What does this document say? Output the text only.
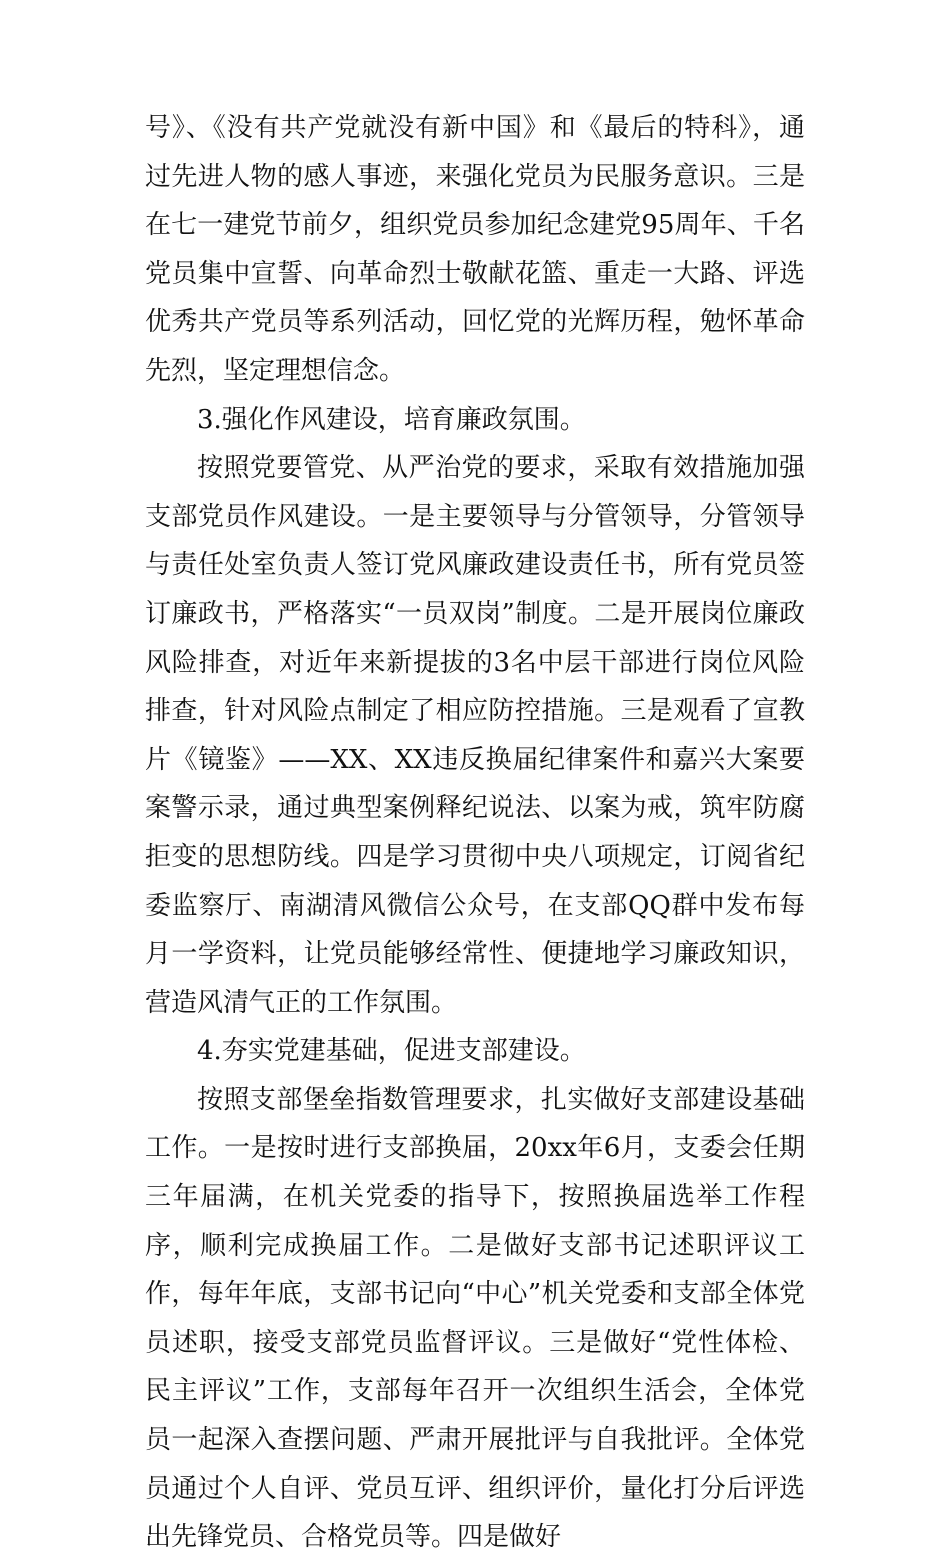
号》、《没有共产党就没有新中国》和《最后的特科》，通过先进人物的感人事迹，来强化党员为民服务意识。三是在七一建党节前夕，组织党员参加纪念建党95周年、千名党员集中宣誓、向革命烈士敬献花篮、重走一大路、评选优秀共产党员等系列活动，回忆党的光辉历程，勉怀革命先烈，坚定理想信念。

3.强化作风建设，培育廉政氛围。

按照党要管党、从严治党的要求，采取有效措施加强支部党员作风建设。一是主要领导与分管领导，分管领导与责任处室负责人签订党风廉政建设责任书，所有党员签订廉政书，严格落实“一员双岗”制度。二是开展岗位廉政风险排查，对近年来新提拔的3名中层干部进行岗位风险排查，针对风险点制定了相应防控措施。三是观看了宣教片《镜鉴》——XX、XX违反换届纪律案件和嘉兴大案要案警示录，通过典型案例释纪说法、以案为戒，筑牢防腐拒变的思想防线。四是学习贯彻中央八项规定，订阅省纪委监察厅、南湖清风微信公众号，在支部QQ群中发布每月一学资料，让党员能够经常性、便捷地学习廉政知识，营造风清气正的工作氛围。

4.夯实党建基础，促进支部建设。

按照支部堡垒指数管理要求，扎实做好支部建设基础工作。一是按时进行支部换届，20xx年6月，支委会任期三年届满，在机关党委的指导下，按照换届选举工作程序，顺利完成换届工作。二是做好支部书记述职评议工作，每年年底，支部书记向“中心”机关党委和支部全体党员述职，接受支部党员监督评议。三是做好“党性体检、民主评议”工作，支部每年召开一次组织生活会，全体党员一起深入查摆问题、严肃开展批评与自我批评。全体党员通过个人自评、党员互评、组织评价，量化打分后评选出先锋党员、合格党员等。四是做好
